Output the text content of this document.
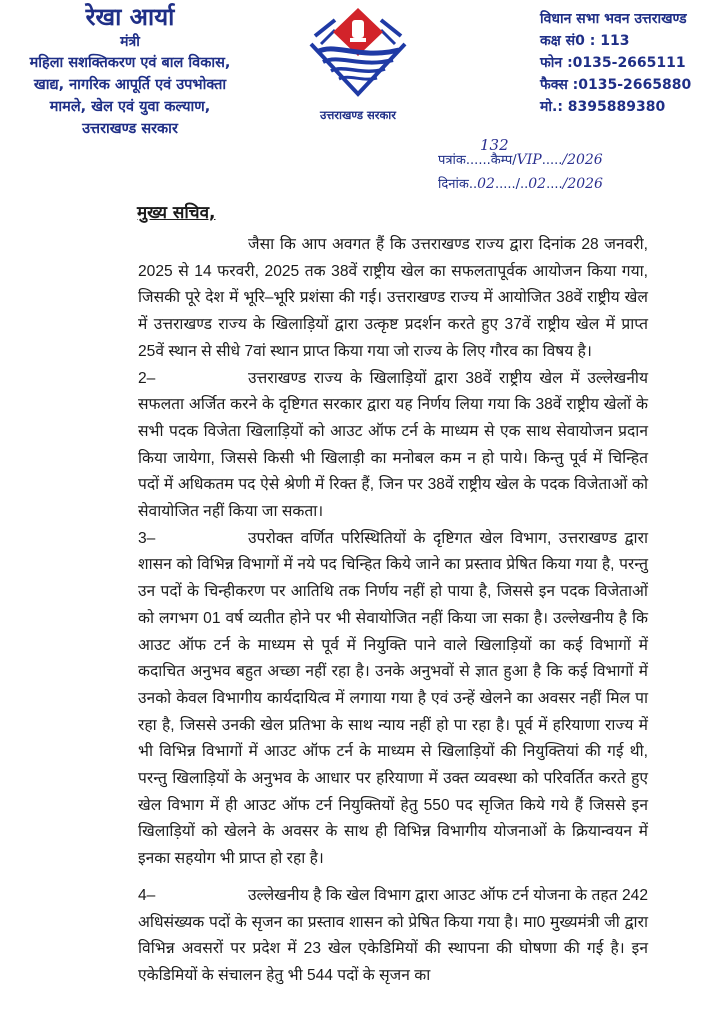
रेखा आर्या
मंत्री
महिला सशक्तिकरण एवं बाल विकास,
खाद्य, नागरिक आपूर्ति एवं उपभोक्ता
मामले, खेल एवं युवा कल्याण,
उत्तराखण्ड सरकार
उत्तराखण्ड सरकार
विधान सभा भवन उत्तराखण्ड
कक्ष सं0 : 113
फोन :0135-2665111
फैक्स :0135-2665880
मो.: 8395889380
132
पत्रांक......कैम्प/VIP...../2026
दिनांक..02...../..02..../2026
मुख्य सचिव,

जैसा कि आप अवगत हैं कि उत्तराखण्ड राज्य द्वारा दिनांक 28 जनवरी, 2025 से 14 फरवरी, 2025 तक 38वें राष्ट्रीय खेल का सफलतापूर्वक आयोजन किया गया, जिसकी पूरे देश में भूरि–भूरि प्रशंसा की गई। उत्तराखण्ड राज्य में आयोजित 38वें राष्ट्रीय खेल में उत्तराखण्ड राज्य के खिलाड़ियों द्वारा उत्कृष्ट प्रदर्शन करते हुए 37वें राष्ट्रीय खेल में प्राप्त 25वें स्थान से सीधे 7वां स्थान प्राप्त किया गया जो राज्य के लिए गौरव का विषय है।

2–	उत्तराखण्ड राज्य के खिलाड़ियों द्वारा 38वें राष्ट्रीय खेल में उल्लेखनीय सफलता अर्जित करने के दृष्टिगत सरकार द्वारा यह निर्णय लिया गया कि 38वें राष्ट्रीय खेलों के सभी पदक विजेता खिलाड़ियों को आउट ऑफ टर्न के माध्यम से एक साथ सेवायोजन प्रदान किया जायेगा, जिससे किसी भी खिलाड़ी का मनोबल कम न हो पाये। किन्तु पूर्व में चिन्हित पदों में अधिकतम पद ऐसे श्रेणी में रिक्त हैं, जिन पर 38वें राष्ट्रीय खेल के पदक विजेताओं को सेवायोजित नहीं किया जा सकता।

3–	उपरोक्त वर्णित परिस्थितियों के दृष्टिगत खेल विभाग, उत्तराखण्ड द्वारा शासन को विभिन्न विभागों में नये पद चिन्हित किये जाने का प्रस्ताव प्रेषित किया गया है, परन्तु उन पदों के चिन्हीकरण पर आतिथि तक निर्णय नहीं हो पाया है, जिससे इन पदक विजेताओं को लगभग 01 वर्ष व्यतीत होने पर भी सेवायोजित नहीं किया जा सका है। उल्लेखनीय है कि आउट ऑफ टर्न के माध्यम से पूर्व में नियुक्ति पाने वाले खिलाड़ियों का कई विभागों में कदाचित अनुभव बहुत अच्छा नहीं रहा है। उनके अनुभवों से ज्ञात हुआ है कि कई विभागों में उनको केवल विभागीय कार्यदायित्व में लगाया गया है एवं उन्हें खेलने का अवसर नहीं मिल पा रहा है, जिससे उनकी खेल प्रतिभा के साथ न्याय नहीं हो पा रहा है। पूर्व में हरियाणा राज्य में भी विभिन्न विभागों में आउट ऑफ टर्न के माध्यम से खिलाड़ियों की नियुक्तियां की गई थी, परन्तु खिलाड़ियों के अनुभव के आधार पर हरियाणा में उक्त व्यवस्था को परिवर्तित करते हुए खेल विभाग में ही आउट ऑफ टर्न नियुक्तियों हेतु 550 पद सृजित किये गये हैं जिससे इन खिलाड़ियों को खेलने के अवसर के साथ ही विभिन्न विभागीय योजनाओं के क्रियान्वयन में इनका सहयोग भी प्राप्त हो रहा है।

4–	उल्लेखनीय है कि खेल विभाग द्वारा आउट ऑफ टर्न योजना के तहत 242 अधिसंख्यक पदों के सृजन का प्रस्ताव शासन को प्रेषित किया गया है। मा0 मुख्यमंत्री जी द्वारा विभिन्न अवसरों पर प्रदेश में 23 खेल एकेडिमियों की स्थापना की घोषणा की गई है। इन एकेडिमियों के संचालन हेतु भी 544 पदों के सृजन का
